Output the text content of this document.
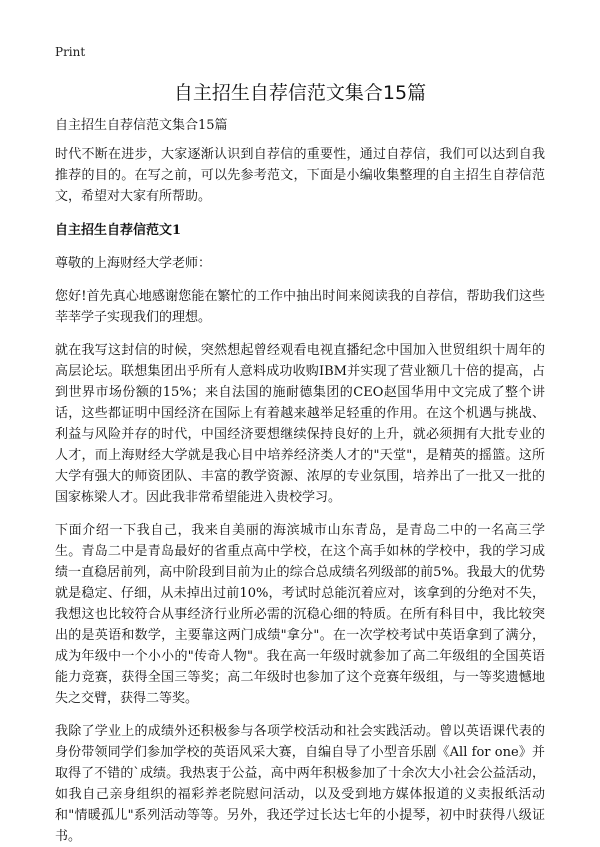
Print

自主招生自荐信范文集合15篇

自主招生自荐信范文集合15篇

时代不断在进步，大家逐渐认识到自荐信的重要性，通过自荐信，我们可以达到自我推荐的目的。在写之前，可以先参考范文，下面是小编收集整理的自主招生自荐信范文，希望对大家有所帮助。

自主招生自荐信范文1

尊敬的上海财经大学老师：

您好!首先真心地感谢您能在繁忙的工作中抽出时间来阅读我的自荐信，帮助我们这些莘莘学子实现我们的理想。

就在我写这封信的时候，突然想起曾经观看电视直播纪念中国加入世贸组织十周年的高层论坛。联想集团出乎所有人意料成功收购IBM并实现了营业额几十倍的提高，占到世界市场份额的15%；来自法国的施耐德集团的CEO赵国华用中文完成了整个讲话，这些都证明中国经济在国际上有着越来越举足轻重的作用。在这个机遇与挑战、利益与风险并存的时代，中国经济要想继续保持良好的上升，就必须拥有大批专业的人才，而上海财经大学就是我心目中培养经济类人才的"天堂"，是精英的摇篮。这所大学有强大的师资团队、丰富的教学资源、浓厚的专业氛围，培养出了一批又一批的国家栋梁人才。因此我非常希望能进入贵校学习。

下面介绍一下我自己，我来自美丽的海滨城市山东青岛，是青岛二中的一名高三学生。青岛二中是青岛最好的省重点高中学校，在这个高手如林的学校中，我的学习成绩一直稳居前列，高中阶段到目前为止的综合总成绩名列级部的前5%。我最大的优势就是稳定、仔细，从未掉出过前10%，考试时总能沉着应对，该拿到的分绝对不失，我想这也比较符合从事经济行业所必需的沉稳心细的特质。在所有科目中，我比较突出的是英语和数学，主要靠这两门成绩"拿分"。在一次学校考试中英语拿到了满分，成为年级中一个小小的"传奇人物"。我在高一年级时就参加了高二年级组的全国英语能力竞赛，获得全国三等奖；高二年级时也参加了这个竞赛年级组，与一等奖遗憾地失之交臂，获得二等奖。

我除了学业上的成绩外还积极参与各项学校活动和社会实践活动。曾以英语课代表的身份带领同学们参加学校的英语风采大赛，自编自导了小型音乐剧《All for one》并取得了不错的`成绩。我热衷于公益，高中两年积极参加了十余次大小社会公益活动，如我自己亲身组织的福彩养老院慰问活动，以及受到地方媒体报道的义卖报纸活动和"情暖孤儿"系列活动等等。另外，我还学过长达七年的小提琴，初中时获得八级证书。
